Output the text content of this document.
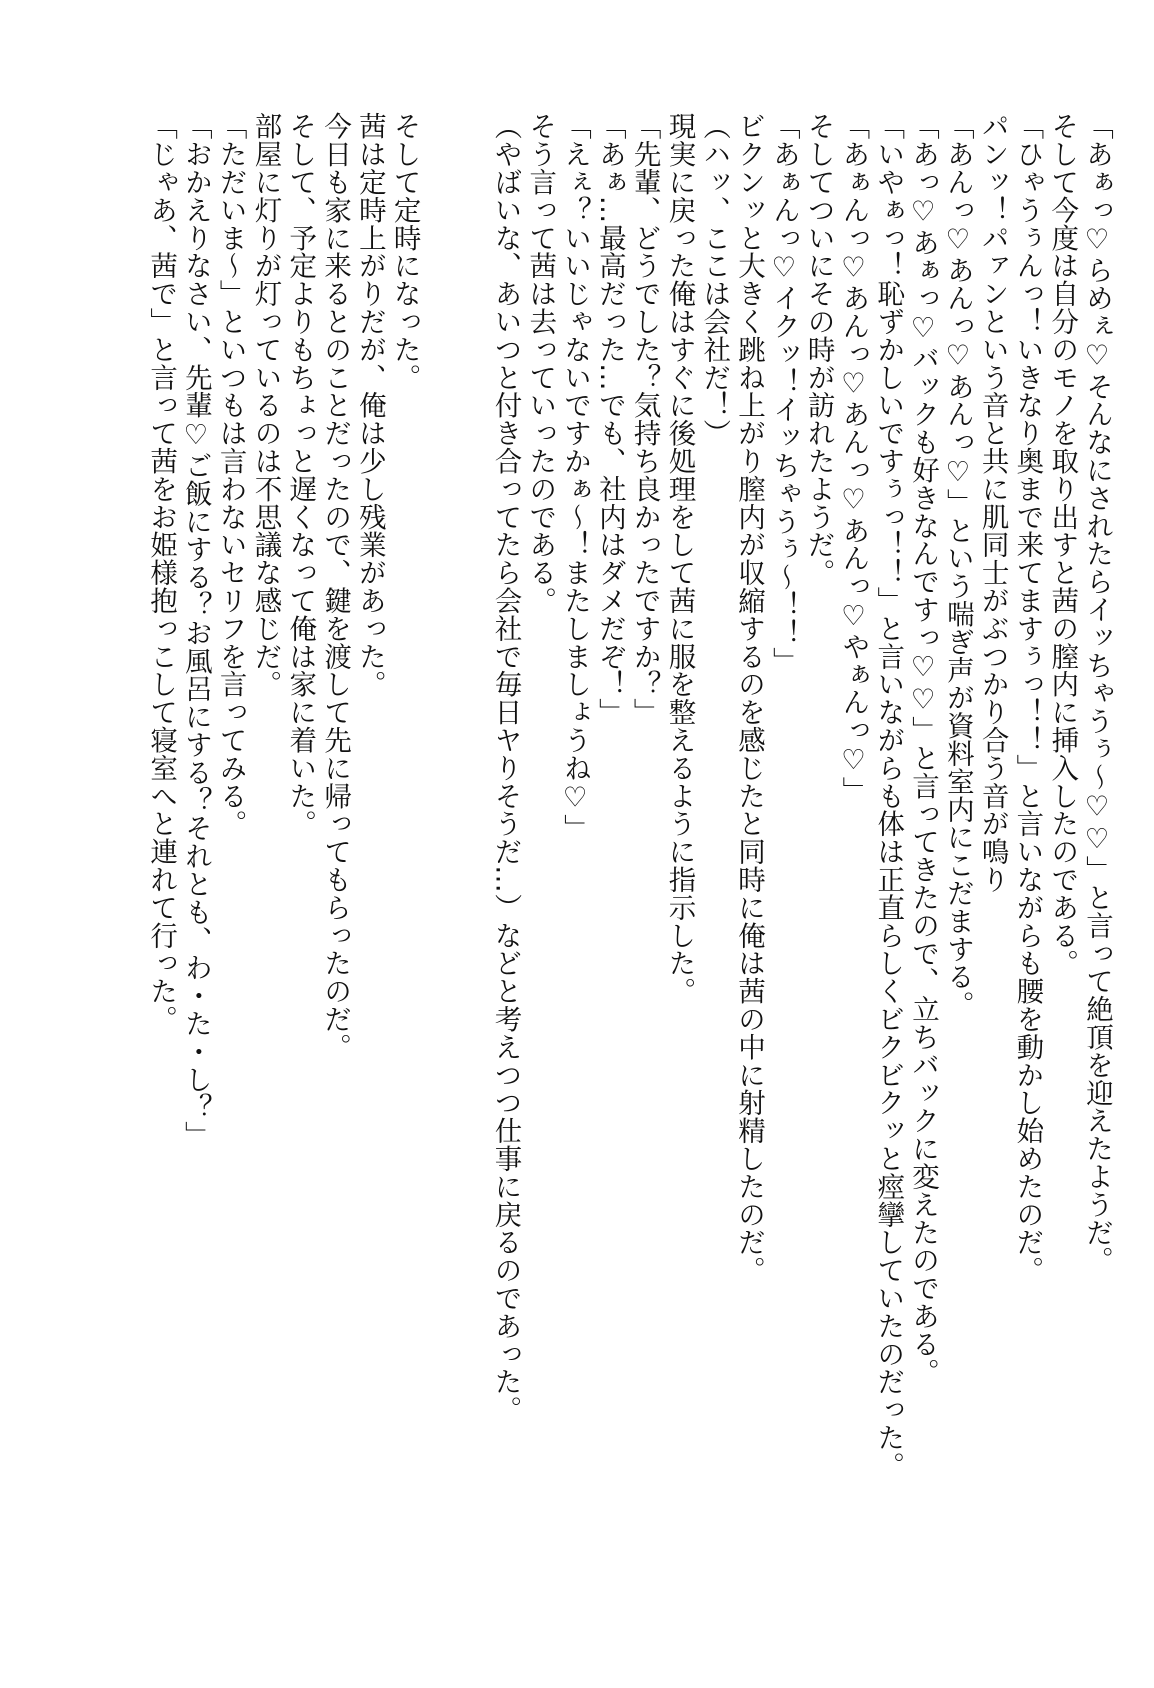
「あぁっ♡らめぇ♡そんなにされたらイッちゃうぅ～♡♡」と言って絶頂を迎えたようだ。
そして今度は自分のモノを取り出すと茜の膣内に挿入したのである。
「ひゃうぅんっ！いきなり奥まで来てますぅっ！！」と言いながらも腰を動かし始めたのだ。
パンッ！パァンという音と共に肌同士がぶつかり合う音が鳴り
「あんっ♡あんっ♡あんっ♡」という喘ぎ声が資料室内にこだまする。
「あっ♡あぁっ♡バックも好きなんですっ♡♡」と言ってきたので、立ちバックに変えたのである。
「いやぁっ！恥ずかしいですぅっ！！」と言いながらも体は正直らしくビクビクッと痙攣していたのだった。
「あぁんっ♡あんっ♡あんっ♡あんっ♡やぁんっ♡」
そしてついにその時が訪れたようだ。
「あぁんっ♡イクッ！イッちゃうぅ～！！」
ビクンッと大きく跳ね上がり膣内が収縮するのを感じたと同時に俺は茜の中に射精したのだ。
（ハッ、ここは会社だ！）
現実に戻った俺はすぐに後処理をして茜に服を整えるように指示した。
「先輩、どうでした？気持ち良かったですか？」
「あぁ…最高だった…でも、社内はダメだぞ！」
「えぇ？いいじゃないですかぁ～！またしましょうね♡」
そう言って茜は去っていったのである。
（やばいな、あいつと付き合ってたら会社で毎日ヤりそうだ…）などと考えつつ仕事に戻るのであった。
そして定時になった。
茜は定時上がりだが、俺は少し残業があった。
今日も家に来るとのことだったので、鍵を渡して先に帰ってもらったのだ。
そして、予定よりもちょっと遅くなって俺は家に着いた。
部屋に灯りが灯っているのは不思議な感じだ。
「ただいま～」といつもは言わないセリフを言ってみる。
「おかえりなさい、先輩♡ご飯にする？お風呂にする？それとも、わ・た・し？」
「じゃあ、茜で」と言って茜をお姫様抱っこして寝室へと連れて行った。
